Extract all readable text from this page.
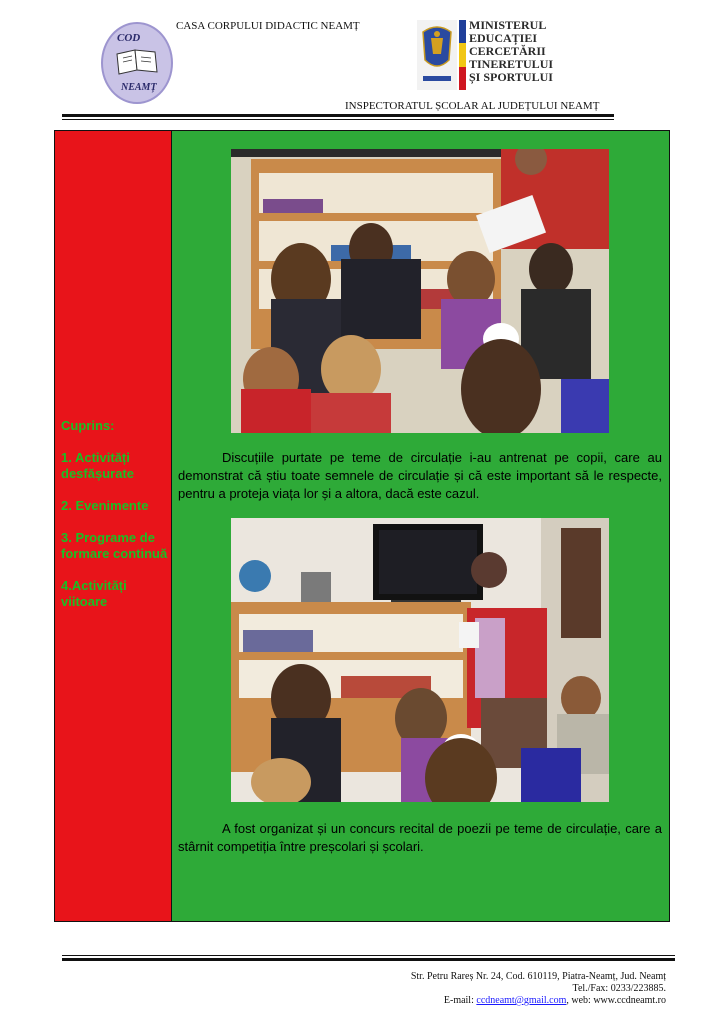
COD
NEAMȚ
CASA CORPULUI DIDACTIC NEAMȚ	MINISTERUL
EDUCAȚIEI
CERCETĂRII
TINERETULUI
ȘI SPORTULUI
INSPECTORATUL ȘCOLAR AL JUDEȚULUI NEAMȚ
Cuprins:
1. Activități desfășurate
2. Evenimente
3. Programe de formare continuă
4.Activități viitoare
Discuțiile purtate pe teme de circulație i-au antrenat pe copii, care au demonstrat că știu toate semnele de circulație și că este important să le respecte, pentru a proteja viața lor și a altora, dacă este cazul.
A fost organizat și un concurs recital de poezii pe teme de circulație, care a stârnit competiția între preșcolari și școlari.
Str. Petru Rareș Nr. 24, Cod. 610119, Piatra-Neamț, Jud. Neamț
Tel./Fax: 0233/223885.
E-mail: ccdneamt@gmail.com, web: www.ccdneamt.ro
